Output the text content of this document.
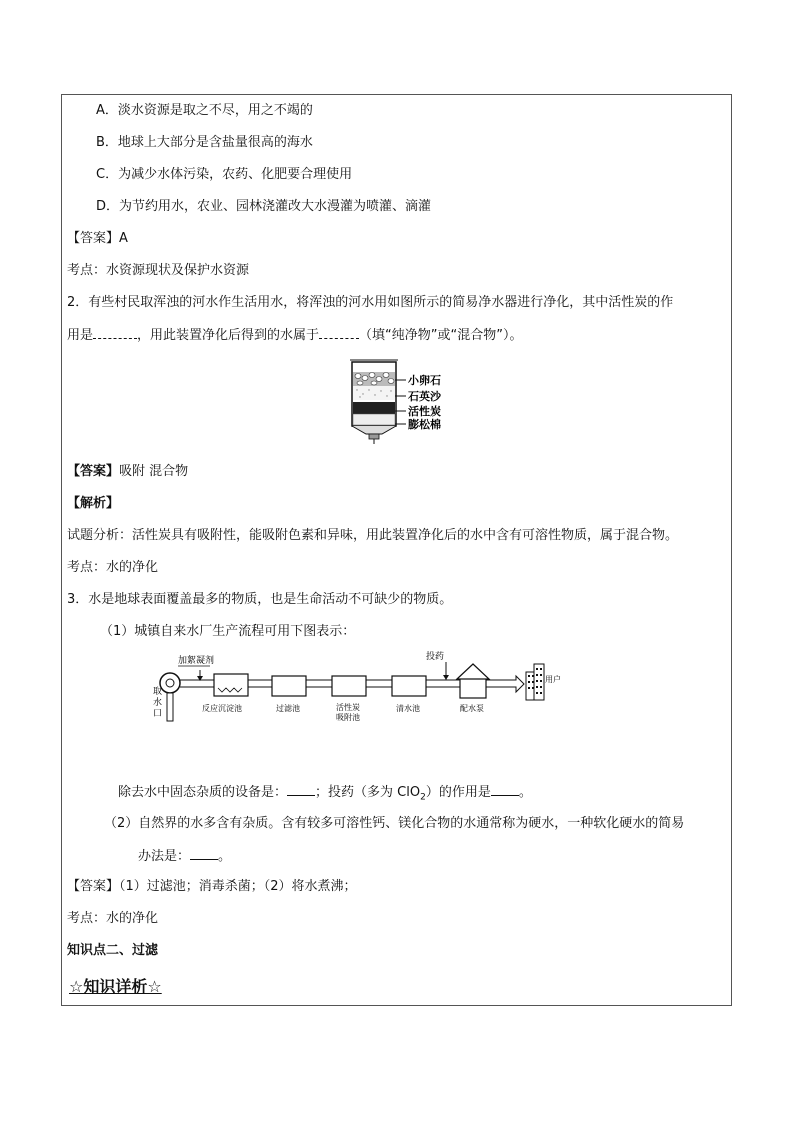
A．淡水资源是取之不尽，用之不竭的
B．地球上大部分是含盐量很高的海水
C．为减少水体污染，农药、化肥要合理使用
D．为节约用水，农业、园林浇灌改大水漫灌为喷灌、滴灌
【答案】A
考点：水资源现状及保护水资源
2．有些村民取浑浊的河水作生活用水，将浑浊的河水用如图所示的简易净水器进行净化，其中活性炭的作
用是	，用此装置净化后得到的水属于	（填“纯净物”或“混合物”）。
小卵石
石英沙
活性炭
膨松棉
【答案】吸附 混合物
【解析】
试题分析：活性炭具有吸附性，能吸附色素和异味，用此装置净化后的水中含有可溶性物质，属于混合物。
考点：水的净化
3．水是地球表面覆盖最多的物质，也是生命活动不可缺少的物质。
（1）城镇自来水厂生产流程可用下图表示：
取
水
口
加絮凝剂
反应沉淀池	过滤池	活性炭
吸附池
清水池
投药
配水泵
用户
除去水中固态杂质的设备是： ；投药（多为 ClO$_2$）的作用是 。
（2）自然界的水多含有杂质。含有较多可溶性钙、镁化合物的水通常称为硬水，一种软化硬水的简易
办法是： 。
【答案】（1）过滤池；消毒杀菌；（2）将水煮沸；
考点：水的净化
知识点二、过滤
☆知识详析☆
